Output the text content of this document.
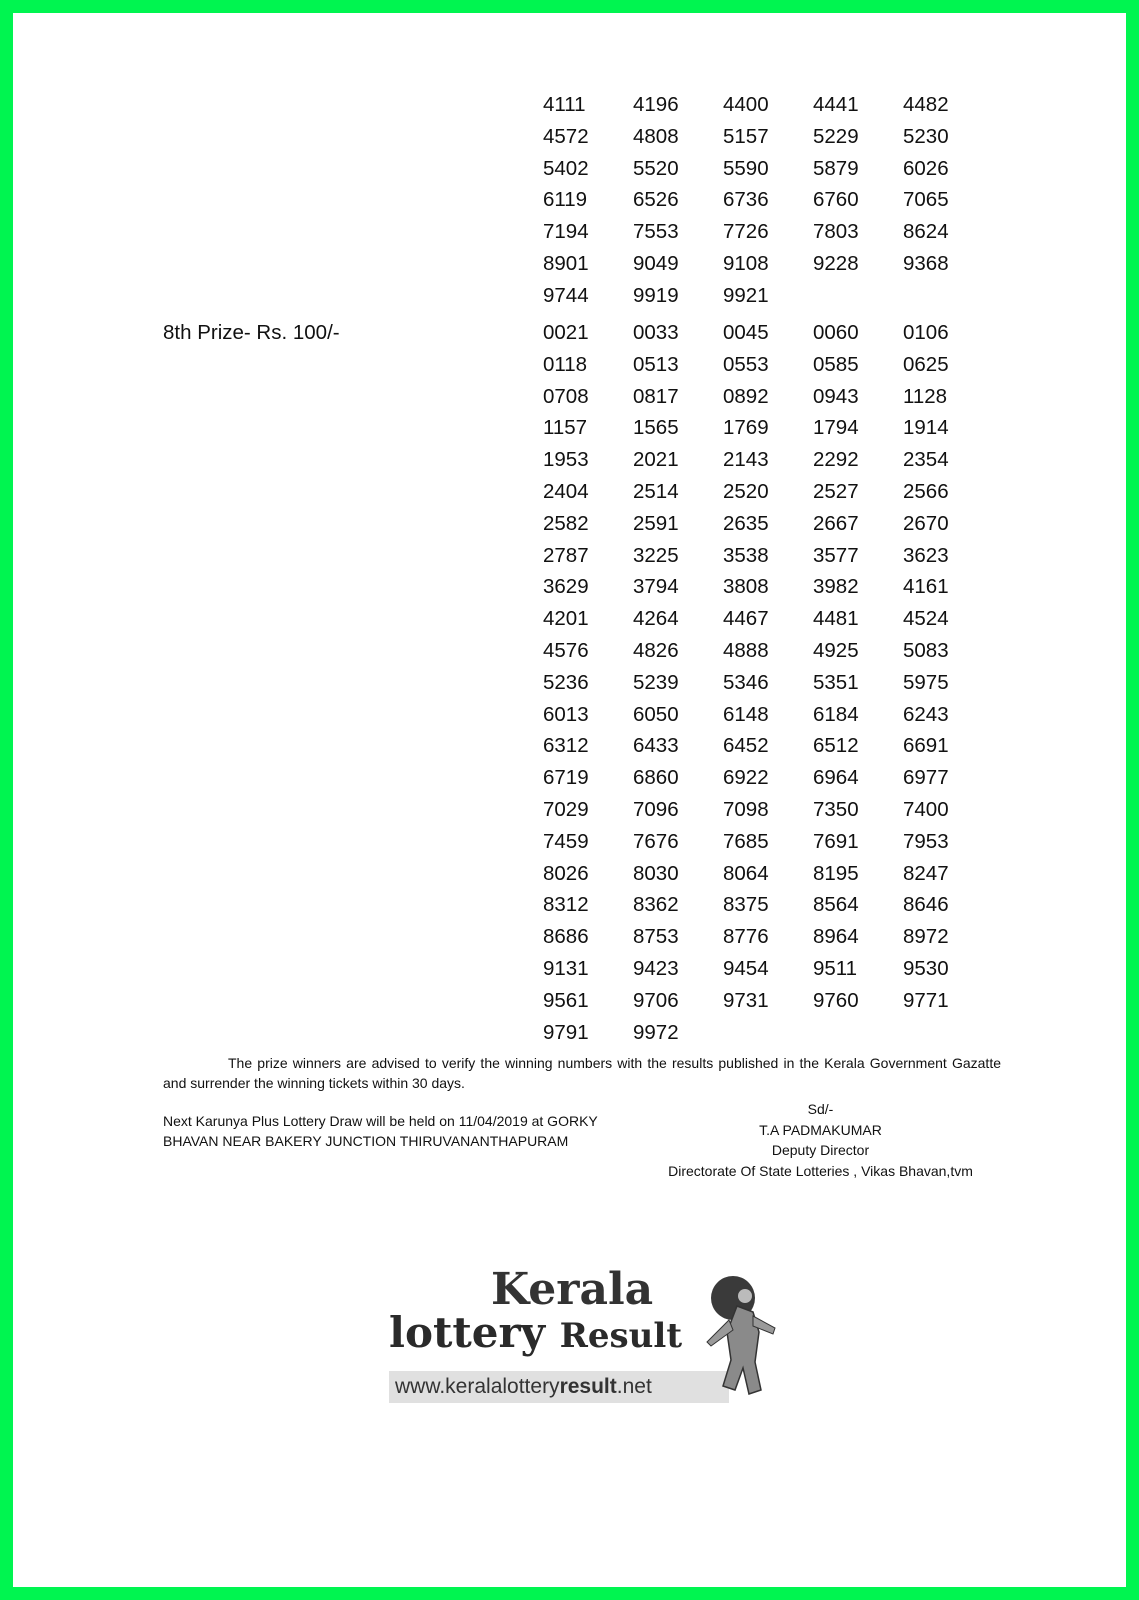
4111	4196	4400	4441	4482
4572	4808	5157	5229	5230
5402	5520	5590	5879	6026
6119	6526	6736	6760	7065
7194	7553	7726	7803	8624
8901	9049	9108	9228	9368
9744	9919	9921
8th Prize- Rs. 100/-	0021	0033	0045	0060	0106
0118	0513	0553	0585	0625
0708	0817	0892	0943	1128
1157	1565	1769	1794	1914
1953	2021	2143	2292	2354
2404	2514	2520	2527	2566
2582	2591	2635	2667	2670
2787	3225	3538	3577	3623
3629	3794	3808	3982	4161
4201	4264	4467	4481	4524
4576	4826	4888	4925	5083
5236	5239	5346	5351	5975
6013	6050	6148	6184	6243
6312	6433	6452	6512	6691
6719	6860	6922	6964	6977
7029	7096	7098	7350	7400
7459	7676	7685	7691	7953
8026	8030	8064	8195	8247
8312	8362	8375	8564	8646
8686	8753	8776	8964	8972
9131	9423	9454	9511	9530
9561	9706	9731	9760	9771
9791	9972
The prize winners are advised to verify the winning numbers with the results published in the Kerala Government Gazatte and surrender the winning tickets within 30 days.
Next Karunya Plus Lottery Draw will be held on 11/04/2019 at GORKY BHAVAN NEAR BAKERY JUNCTION THIRUVANANTHAPURAM
Sd/-
T.A PADMAKUMAR
Deputy Director
Directorate Of State Lotteries , Vikas Bhavan,tvm
Kerala
lottery Result
www.keralalotteryresult.net
